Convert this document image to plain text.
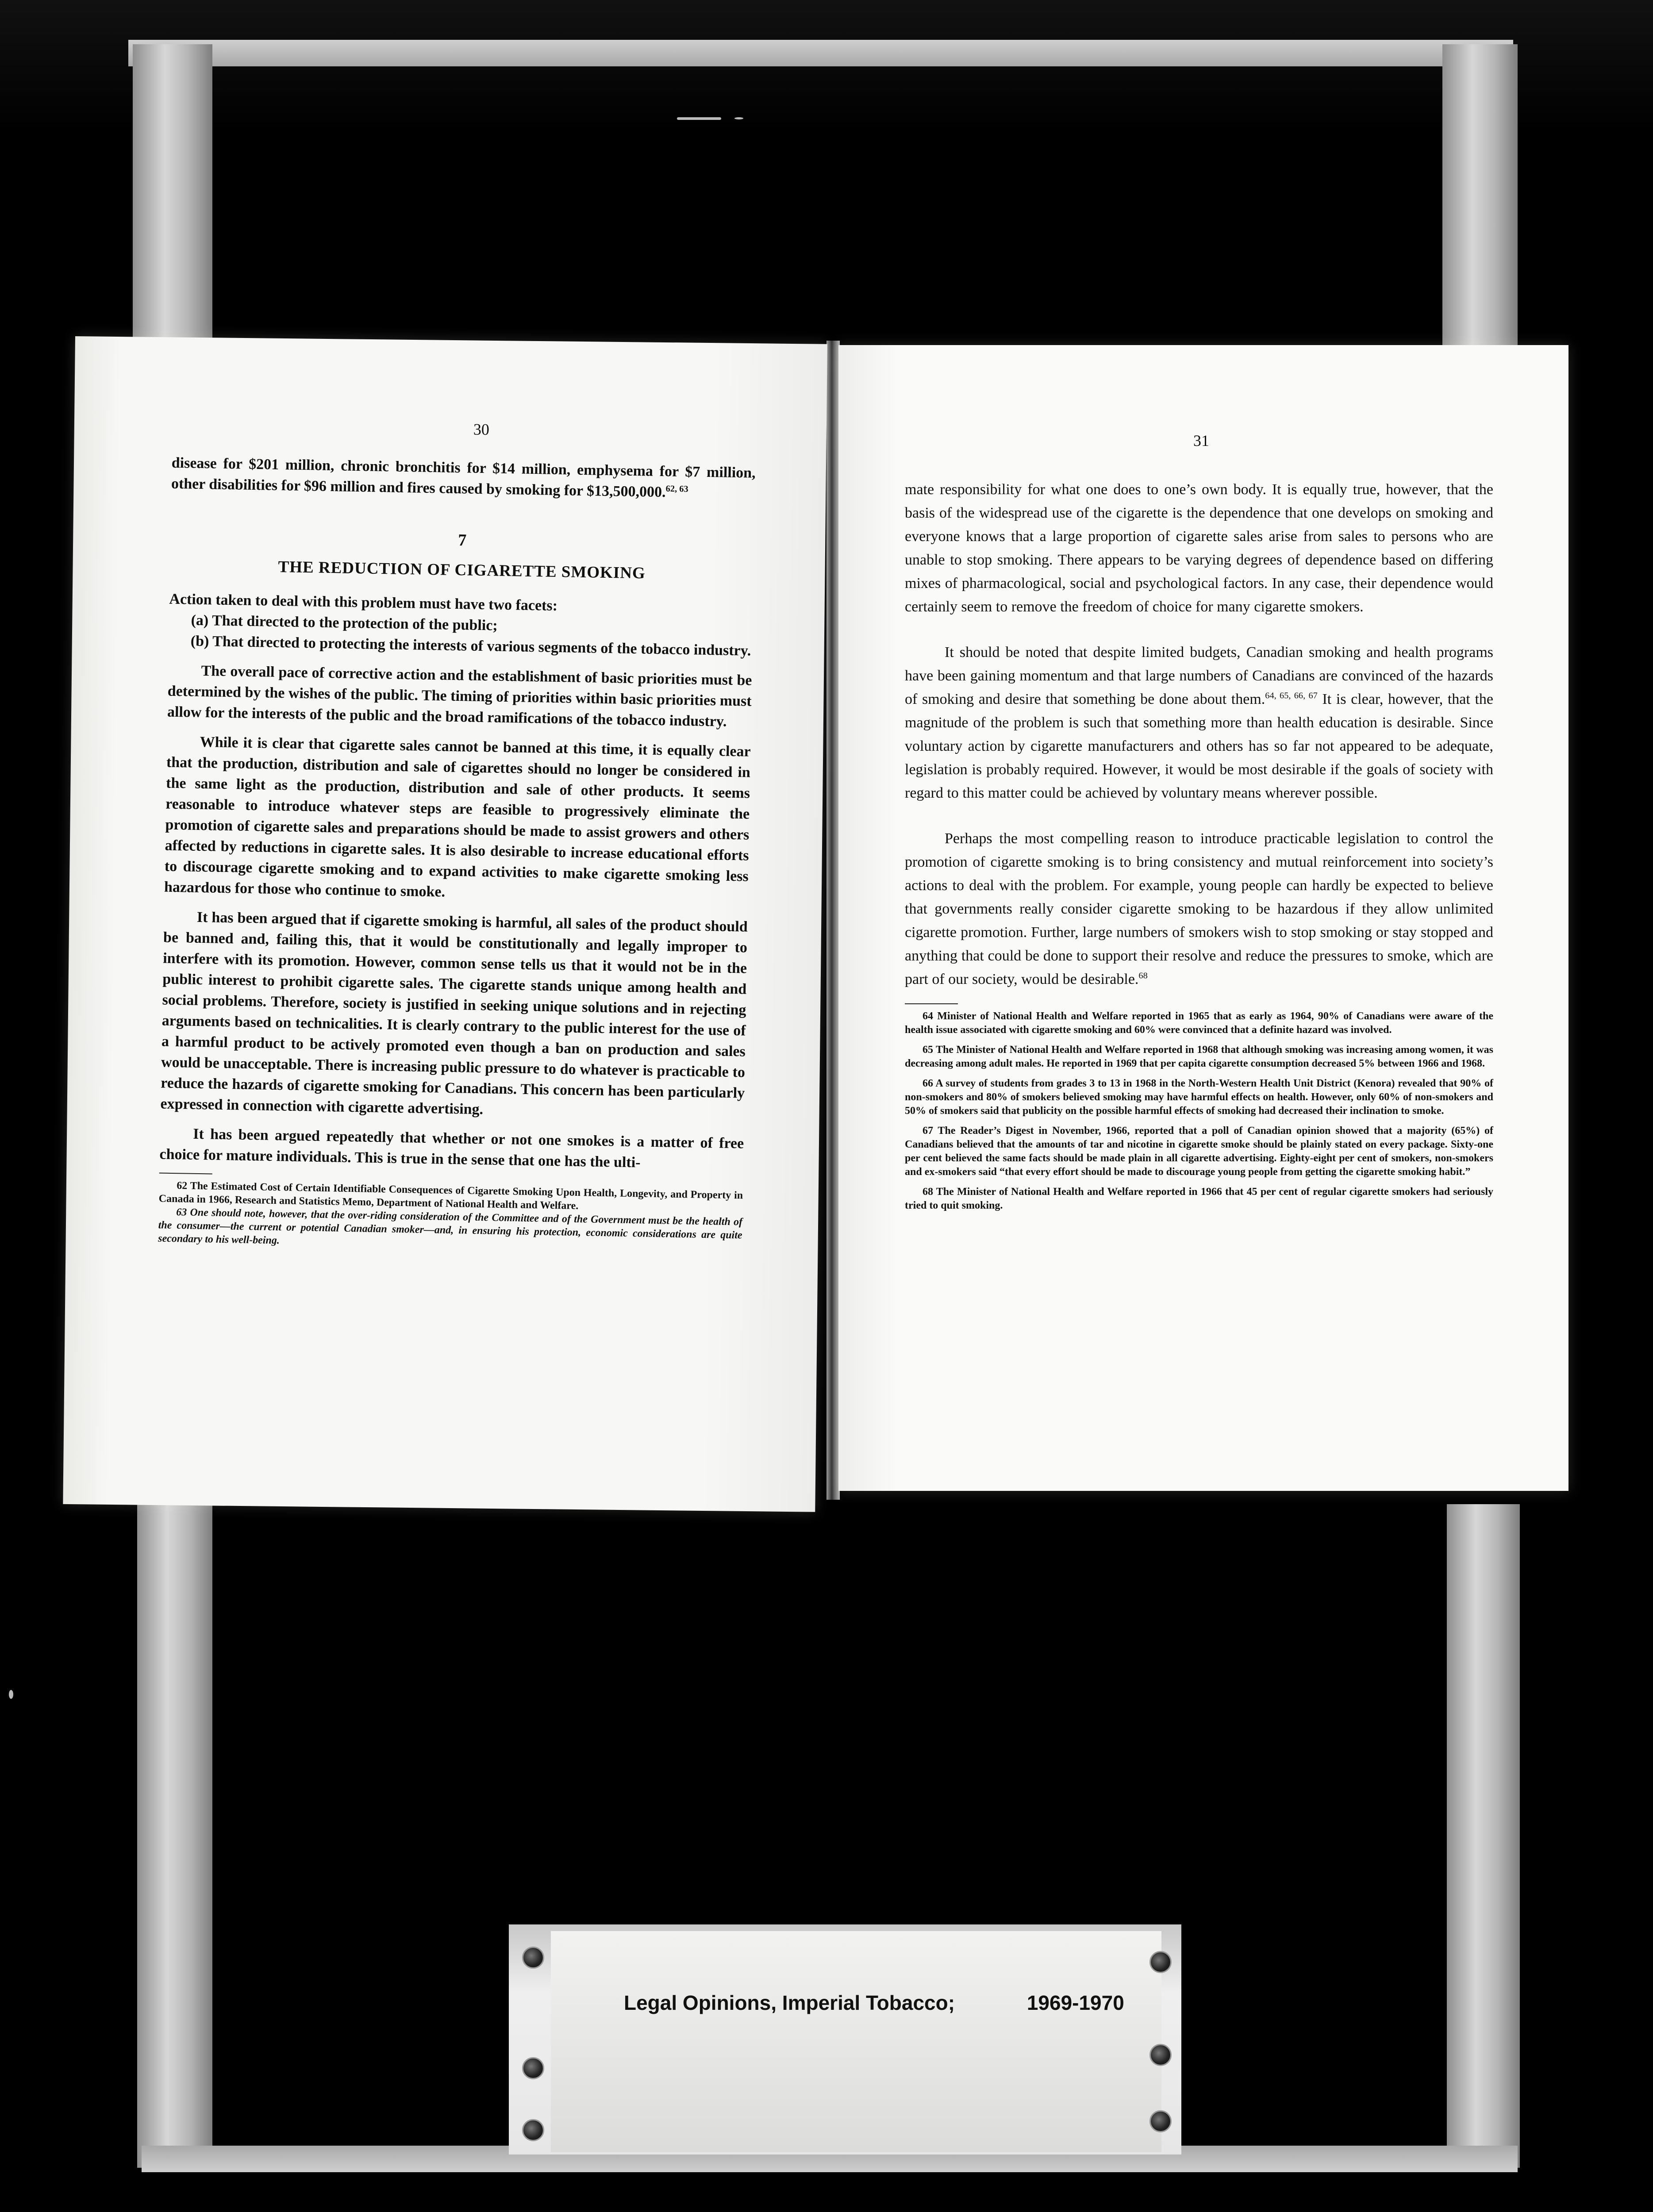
30

disease for $201 million, chronic bronchitis for $14 million, emphysema for $7 million, other disabilities for $96 million and fires caused by smoking for $13,500,000.$^{62, 63}$

7

THE REDUCTION OF CIGARETTE SMOKING

Action taken to deal with this problem must have two facets:

(a) That directed to the protection of the public;

(b) That directed to protecting the interests of various segments of the tobacco industry.

The overall pace of corrective action and the establishment of basic priorities must be determined by the wishes of the public. The timing of priorities within basic priorities must allow for the interests of the public and the broad ramifications of the tobacco industry.

While it is clear that cigarette sales cannot be banned at this time, it is equally clear that the production, distribution and sale of cigarettes should no longer be considered in the same light as the production, distribution and sale of other products. It seems reasonable to introduce whatever steps are feasible to progressively eliminate the promotion of cigarette sales and preparations should be made to assist growers and others affected by reductions in cigarette sales. It is also desirable to increase educational efforts to discourage cigarette smoking and to expand activities to make cigarette smoking less hazardous for those who continue to smoke.

It has been argued that if cigarette smoking is harmful, all sales of the product should be banned and, failing this, that it would be constitutionally and legally improper to interfere with its promotion. However, common sense tells us that it would not be in the public interest to prohibit cigarette sales. The cigarette stands unique among health and social problems. Therefore, society is justified in seeking unique solutions and in rejecting arguments based on technicalities. It is clearly contrary to the public interest for the use of a harmful product to be actively promoted even though a ban on production and sales would be unacceptable. There is increasing public pressure to do whatever is practicable to reduce the hazards of cigarette smoking for Canadians. This concern has been particularly expressed in connection with cigarette advertising.

It has been argued repeatedly that whether or not one smokes is a matter of free choice for mature individuals. This is true in the sense that one has the ulti-

62 The Estimated Cost of Certain Identifiable Consequences of Cigarette Smoking Upon Health, Longevity, and Property in Canada in 1966, Research and Statistics Memo, Department of National Health and Welfare.

63 One should note, however, that the over-riding consideration of the Committee and of the Government must be the health of the consumer—the current or potential Canadian smoker—and, in ensuring his protection, economic considerations are quite secondary to his well-being.

31

mate responsibility for what one does to one’s own body. It is equally true, however, that the basis of the widespread use of the cigarette is the dependence that one develops on smoking and everyone knows that a large proportion of cigarette sales arise from sales to persons who are unable to stop smoking. There appears to be varying degrees of dependence based on differing mixes of pharmacological, social and psychological factors. In any case, their dependence would certainly seem to remove the freedom of choice for many cigarette smokers.

It should be noted that despite limited budgets, Canadian smoking and health programs have been gaining momentum and that large numbers of Canadians are convinced of the hazards of smoking and desire that something be done about them.$^{64, 65, 66, 67}$ It is clear, however, that the magnitude of the problem is such that something more than health education is desirable. Since voluntary action by cigarette manufacturers and others has so far not appeared to be adequate, legislation is probably required. However, it would be most desirable if the goals of society with regard to this matter could be achieved by voluntary means wherever possible.

Perhaps the most compelling reason to introduce practicable legislation to control the promotion of cigarette smoking is to bring consistency and mutual reinforcement into society’s actions to deal with the problem. For example, young people can hardly be expected to believe that governments really consider cigarette smoking to be hazardous if they allow unlimited cigarette promotion. Further, large numbers of smokers wish to stop smoking or stay stopped and anything that could be done to support their resolve and reduce the pressures to smoke, which are part of our society, would be desirable.$^{68}$

64 Minister of National Health and Welfare reported in 1965 that as early as 1964, 90% of Canadians were aware of the health issue associated with cigarette smoking and 60% were convinced that a definite hazard was involved.

65 The Minister of National Health and Welfare reported in 1968 that although smoking was increasing among women, it was decreasing among adult males. He reported in 1969 that per capita cigarette consumption decreased 5% between 1966 and 1968.

66 A survey of students from grades 3 to 13 in 1968 in the North-Western Health Unit District (Kenora) revealed that 90% of non-smokers and 80% of smokers believed smoking may have harmful effects on health. However, only 60% of non-smokers and 50% of smokers said that publicity on the possible harmful effects of smoking had decreased their inclination to smoke.

67 The Reader’s Digest in November, 1966, reported that a poll of Canadian opinion showed that a majority (65%) of Canadians believed that the amounts of tar and nicotine in cigarette smoke should be plainly stated on every package. Sixty-one per cent believed the same facts should be made plain in all cigarette advertising. Eighty-eight per cent of smokers, non-smokers and ex-smokers said “that every effort should be made to discourage young people from getting the cigarette smoking habit.”

68 The Minister of National Health and Welfare reported in 1966 that 45 per cent of regular cigarette smokers had seriously tried to quit smoking.

Legal Opinions, Imperial Tobacco;	1969-1970
